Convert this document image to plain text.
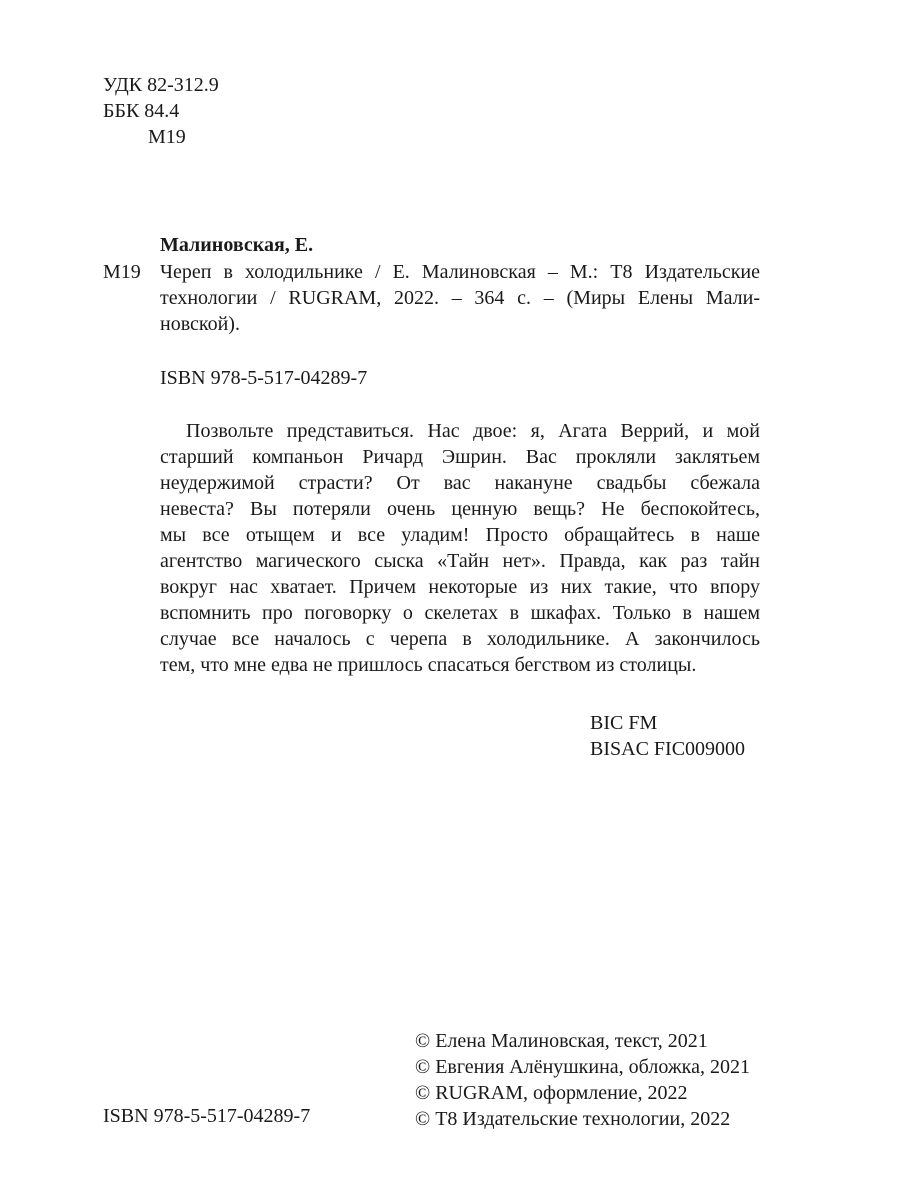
УДК 82-312.9
ББК 84.4
М19
Малиновская, Е.
М19 Череп в холодильнике / Е. Малиновская – М.: Т8 Издательские
технологии / RUGRAM, 2022. – 364 с. – (Миры Елены Мали-
новской).
ISBN 978-5-517-04289-7
Позвольте представиться. Нас двое: я, Агата Веррий, и мой
старший компаньон Ричард Эшрин. Вас прокляли заклятьем
неудержимой страсти? От вас накануне свадьбы сбежала
невеста? Вы потеряли очень ценную вещь? Не беспокойтесь,
мы все отыщем и все уладим! Просто обращайтесь в наше
агентство магического сыска «Тайн нет». Правда, как раз тайн
вокруг нас хватает. Причем некоторые из них такие, что впору
вспомнить про поговорку о скелетах в шкафах. Только в нашем
случае все началось с черепа в холодильнике. А закончилось
тем, что мне едва не пришлось спасаться бегством из столицы.
BIC FM
BISAC FIC009000
© Елена Малиновская, текст, 2021
© Евгения Алёнушкина, обложка, 2021
© RUGRAM, оформление, 2022
© Т8 Издательские технологии, 2022
ISBN 978-5-517-04289-7
